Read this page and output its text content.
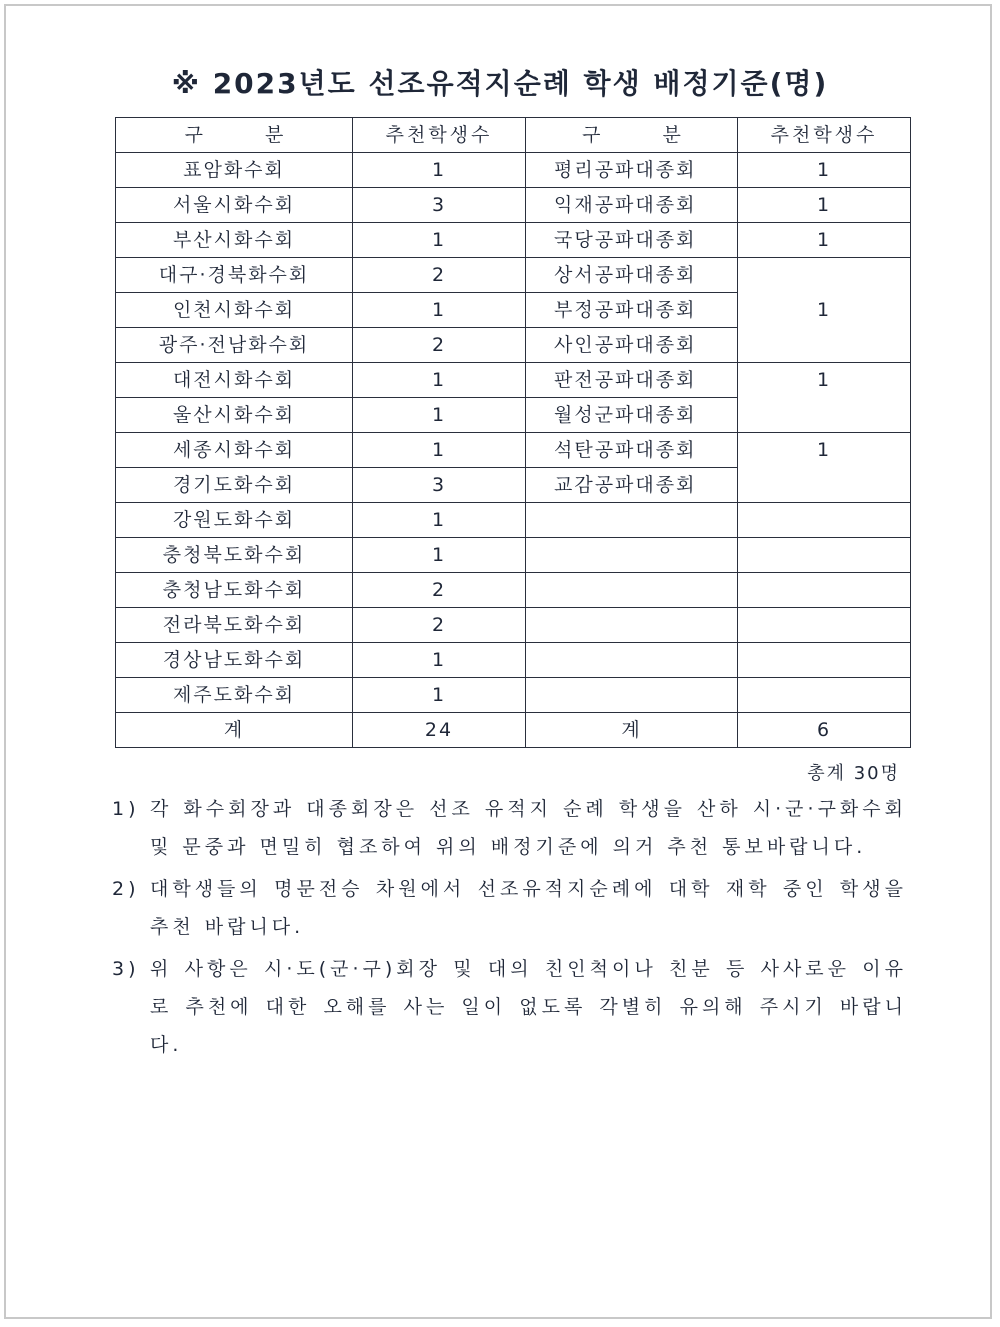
※ 2023년도 선조유적지순례 학생 배정기준(명)
구 분	추천학생수	구 분	추천학생수
표암화수회	1	평리공파대종회	1
서울시화수회	3	익재공파대종회	1
부산시화수회	1	국당공파대종회	1
대구·경북화수회	2	상서공파대종회	1
인천시화수회	1	부정공파대종회	
광주·전남화수회	2	사인공파대종회	
대전시화수회	1	판전공파대종회	1
울산시화수회	1	월성군파대종회	
세종시화수회	1	석탄공파대종회	1
경기도화수회	3	교감공파대종회	
강원도화수회	1		
충청북도화수회	1		
충청남도화수회	2		
전라북도화수회	2		
경상남도화수회	1		
제주도화수회	1		
계	24	계	6
총계 30명
1) 각 화수회장과 대종회장은 선조 유적지 순례 학생을 산하 시·군·구화수회 및 문중과 면밀히 협조하여 위의 배정기준에 의거 추천 통보바랍니다.
2) 대학생들의 명문전승 차원에서 선조유적지순례에 대학 재학 중인 학생을 추천 바랍니다.
3) 위 사항은 시·도(군·구)회장 및 대의 친인척이나 친분 등 사사로운 이유로 추천에 대한 오해를 사는 일이 없도록 각별히 유의해 주시기 바랍니다.
